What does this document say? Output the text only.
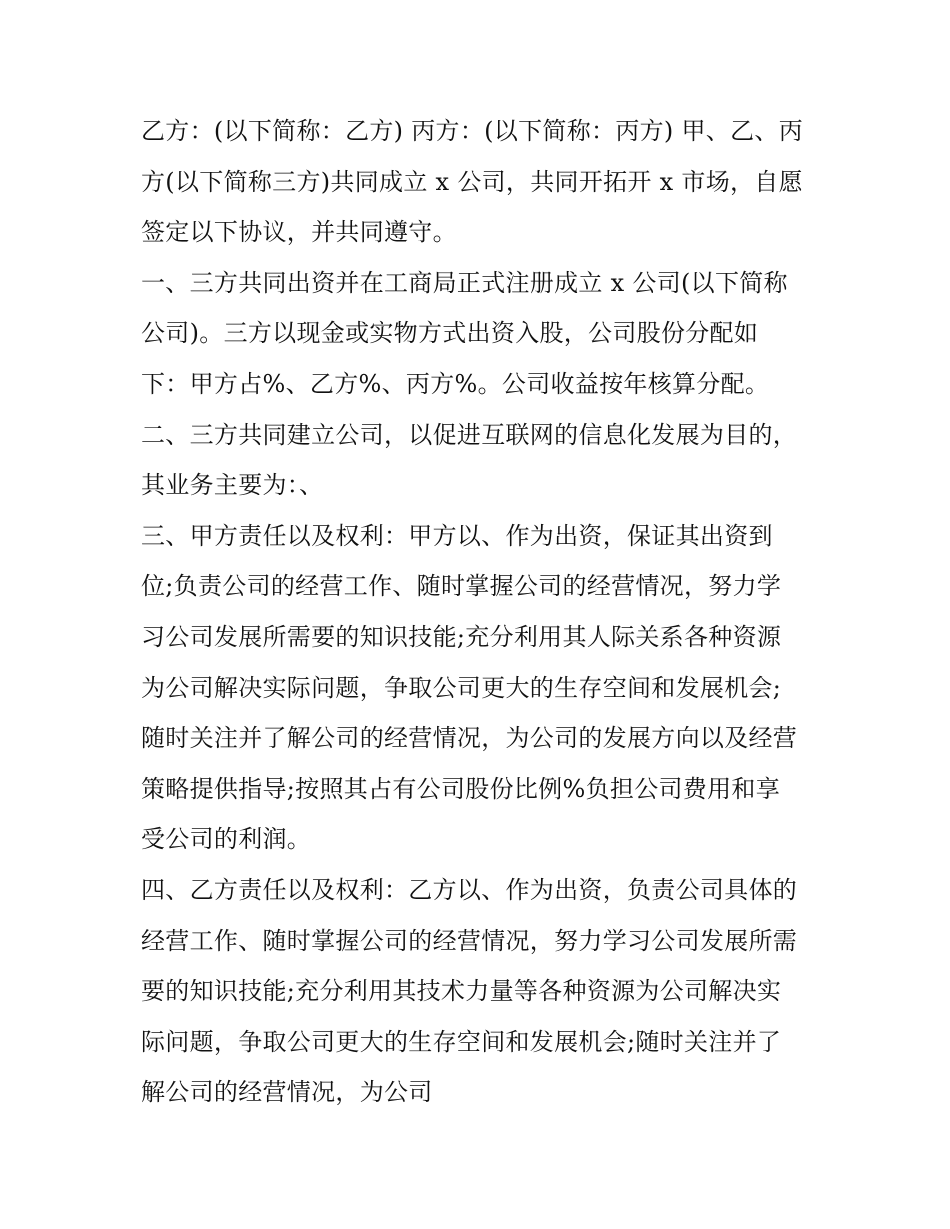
乙方：(以下简称：乙方) 丙方：(以下简称：丙方) 甲、乙、丙
方(以下简称三方)共同成立 x 公司，共同开拓开 x 市场，自愿
签定以下协议，并共同遵守。
一、三方共同出资并在工商局正式注册成立 x 公司(以下简称
公司)。三方以现金或实物方式出资入股，公司股份分配如
下：甲方占%、乙方%、丙方%。公司收益按年核算分配。
二、三方共同建立公司，以促进互联网的信息化发展为目的，
其业务主要为：、
三、甲方责任以及权利：甲方以、作为出资，保证其出资到
位;负责公司的经营工作、随时掌握公司的经营情况，努力学
习公司发展所需要的知识技能;充分利用其人际关系各种资源
为公司解决实际问题，争取公司更大的生存空间和发展机会;
随时关注并了解公司的经营情况，为公司的发展方向以及经营
策略提供指导;按照其占有公司股份比例%负担公司费用和享
受公司的利润。
四、乙方责任以及权利：乙方以、作为出资，负责公司具体的
经营工作、随时掌握公司的经营情况，努力学习公司发展所需
要的知识技能;充分利用其技术力量等各种资源为公司解决实
际问题，争取公司更大的生存空间和发展机会;随时关注并了
解公司的经营情况，为公司
